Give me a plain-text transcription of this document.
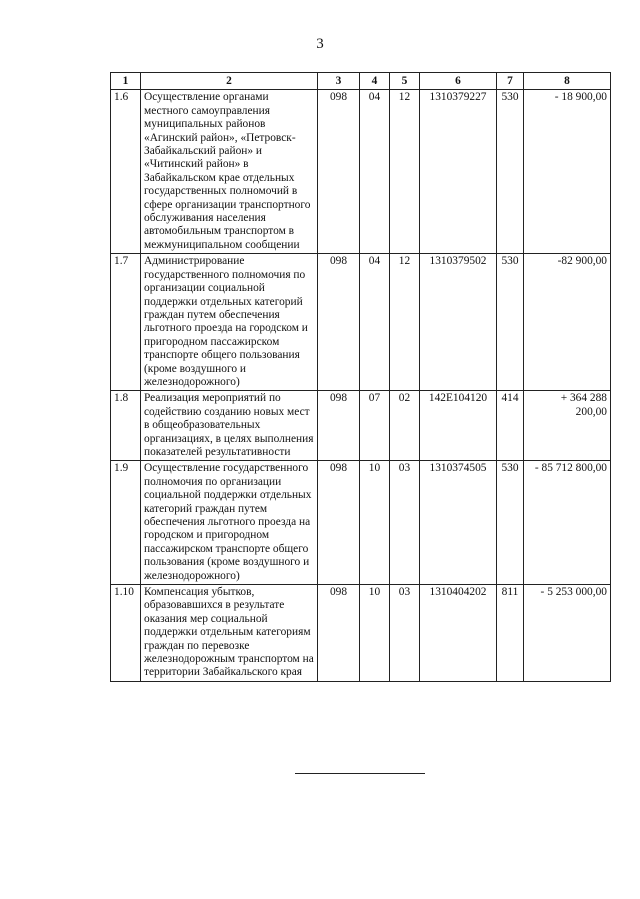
3
1	2	3	4	5	6	7	8
1.6	Осуществление органами местного самоуправления муниципальных районов «Агинский район», «Петровск-Забайкальский район» и «Читинский район» в Забайкальском крае отдельных государственных полномочий в сфере организации транспортного обслуживания населения автомобильным транспортом в межмуниципальном сообщении	098	04	12	1310379227	530	- 18 900,00
1.7	Администрирование государственного полномочия по организации социальной поддержки отдельных категорий граждан путем обеспечения льготного проезда на городском и пригородном пассажирском транспорте общего пользования (кроме воздушного и железнодорожного)	098	04	12	1310379502	530	-82 900,00
1.8	Реализация мероприятий по содействию созданию новых мест в общеобразовательных организациях, в целях выполнения показателей результативности	098	07	02	142E104120	414	+ 364 288 200,00
1.9	Осуществление государственного полномочия по организации социальной поддержки отдельных категорий граждан путем обеспечения льготного проезда на городском и пригородном пассажирском транспорте общего пользования (кроме воздушного и железнодорожного)	098	10	03	1310374505	530	- 85 712 800,00
1.10	Компенсация убытков, образовавшихся в результате оказания мер социальной поддержки отдельным категориям граждан по перевозке железнодорожным транспортом на территории Забайкальского края	098	10	03	1310404202	811	- 5 253 000,00
